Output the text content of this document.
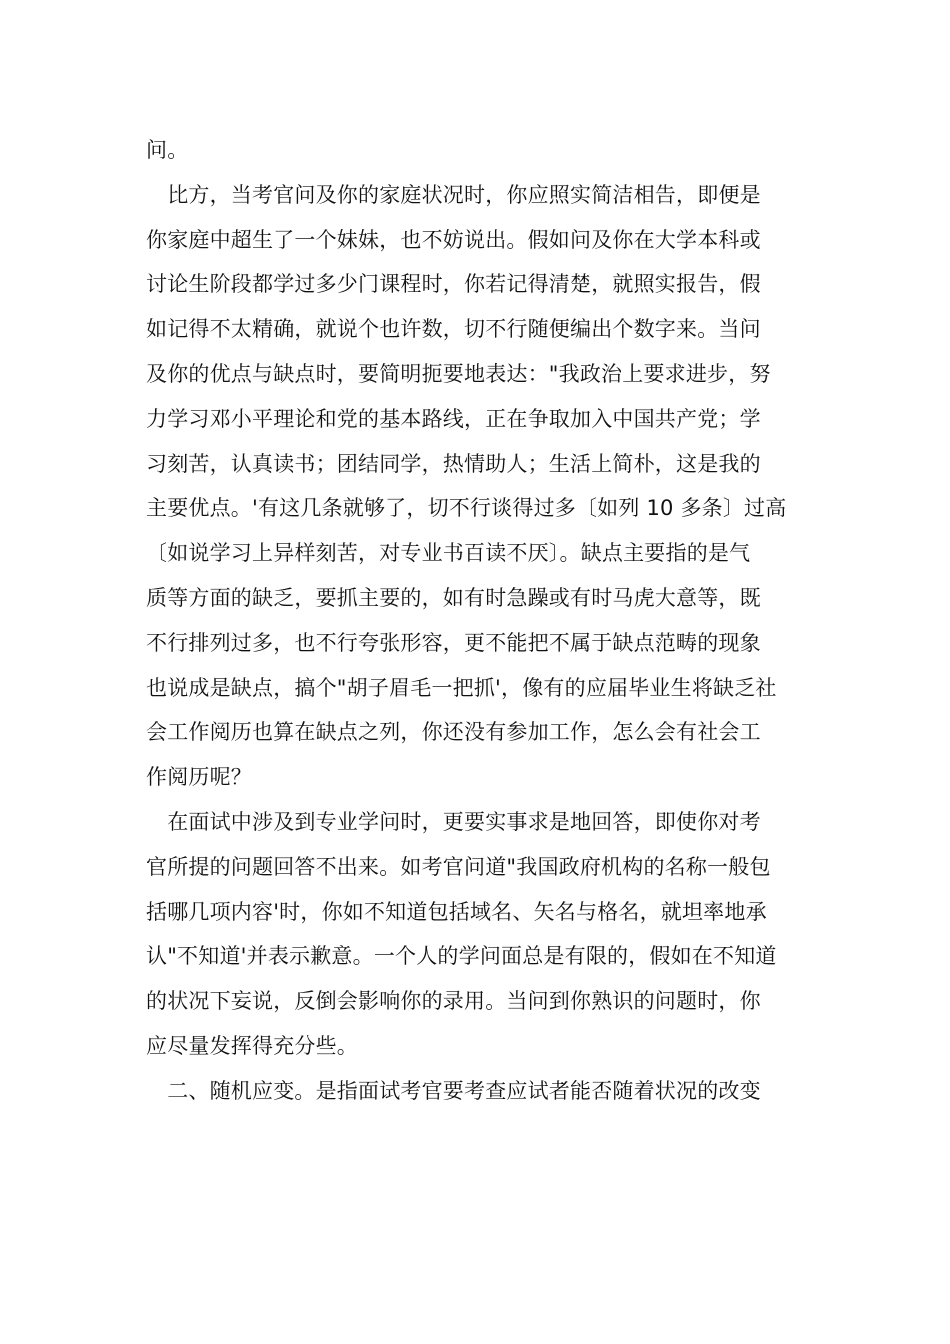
问。
　比方，当考官问及你的家庭状况时，你应照实简洁相告，即便是
你家庭中超生了一个妹妹，也不妨说出。假如问及你在大学本科或
讨论生阶段都学过多少门课程时，你若记得清楚，就照实报告，假
如记得不太精确，就说个也许数，切不行随便编出个数字来。当问
及你的优点与缺点时，要简明扼要地表达："我政治上要求进步，努
力学习邓小平理论和党的基本路线，正在争取加入中国共产党；学
习刻苦，认真读书；团结同学，热情助人；生活上简朴，这是我的
主要优点。'有这几条就够了，切不行谈得过多〔如列 10 多条〕过高
〔如说学习上异样刻苦，对专业书百读不厌〕。缺点主要指的是气
质等方面的缺乏，要抓主要的，如有时急躁或有时马虎大意等，既
不行排列过多，也不行夸张形容，更不能把不属于缺点范畴的现象
也说成是缺点，搞个"胡子眉毛一把抓'，像有的应届毕业生将缺乏社
会工作阅历也算在缺点之列，你还没有参加工作，怎么会有社会工
作阅历呢？
　在面试中涉及到专业学问时，更要实事求是地回答，即使你对考
官所提的问题回答不出来。如考官问道"我国政府机构的名称一般包
括哪几项内容'时，你如不知道包括域名、矢名与格名，就坦率地承
认"不知道'并表示歉意。一个人的学问面总是有限的，假如在不知道
的状况下妄说，反倒会影响你的录用。当问到你熟识的问题时，你
应尽量发挥得充分些。
　二、随机应变。是指面试考官要考查应试者能否随着状况的改变
